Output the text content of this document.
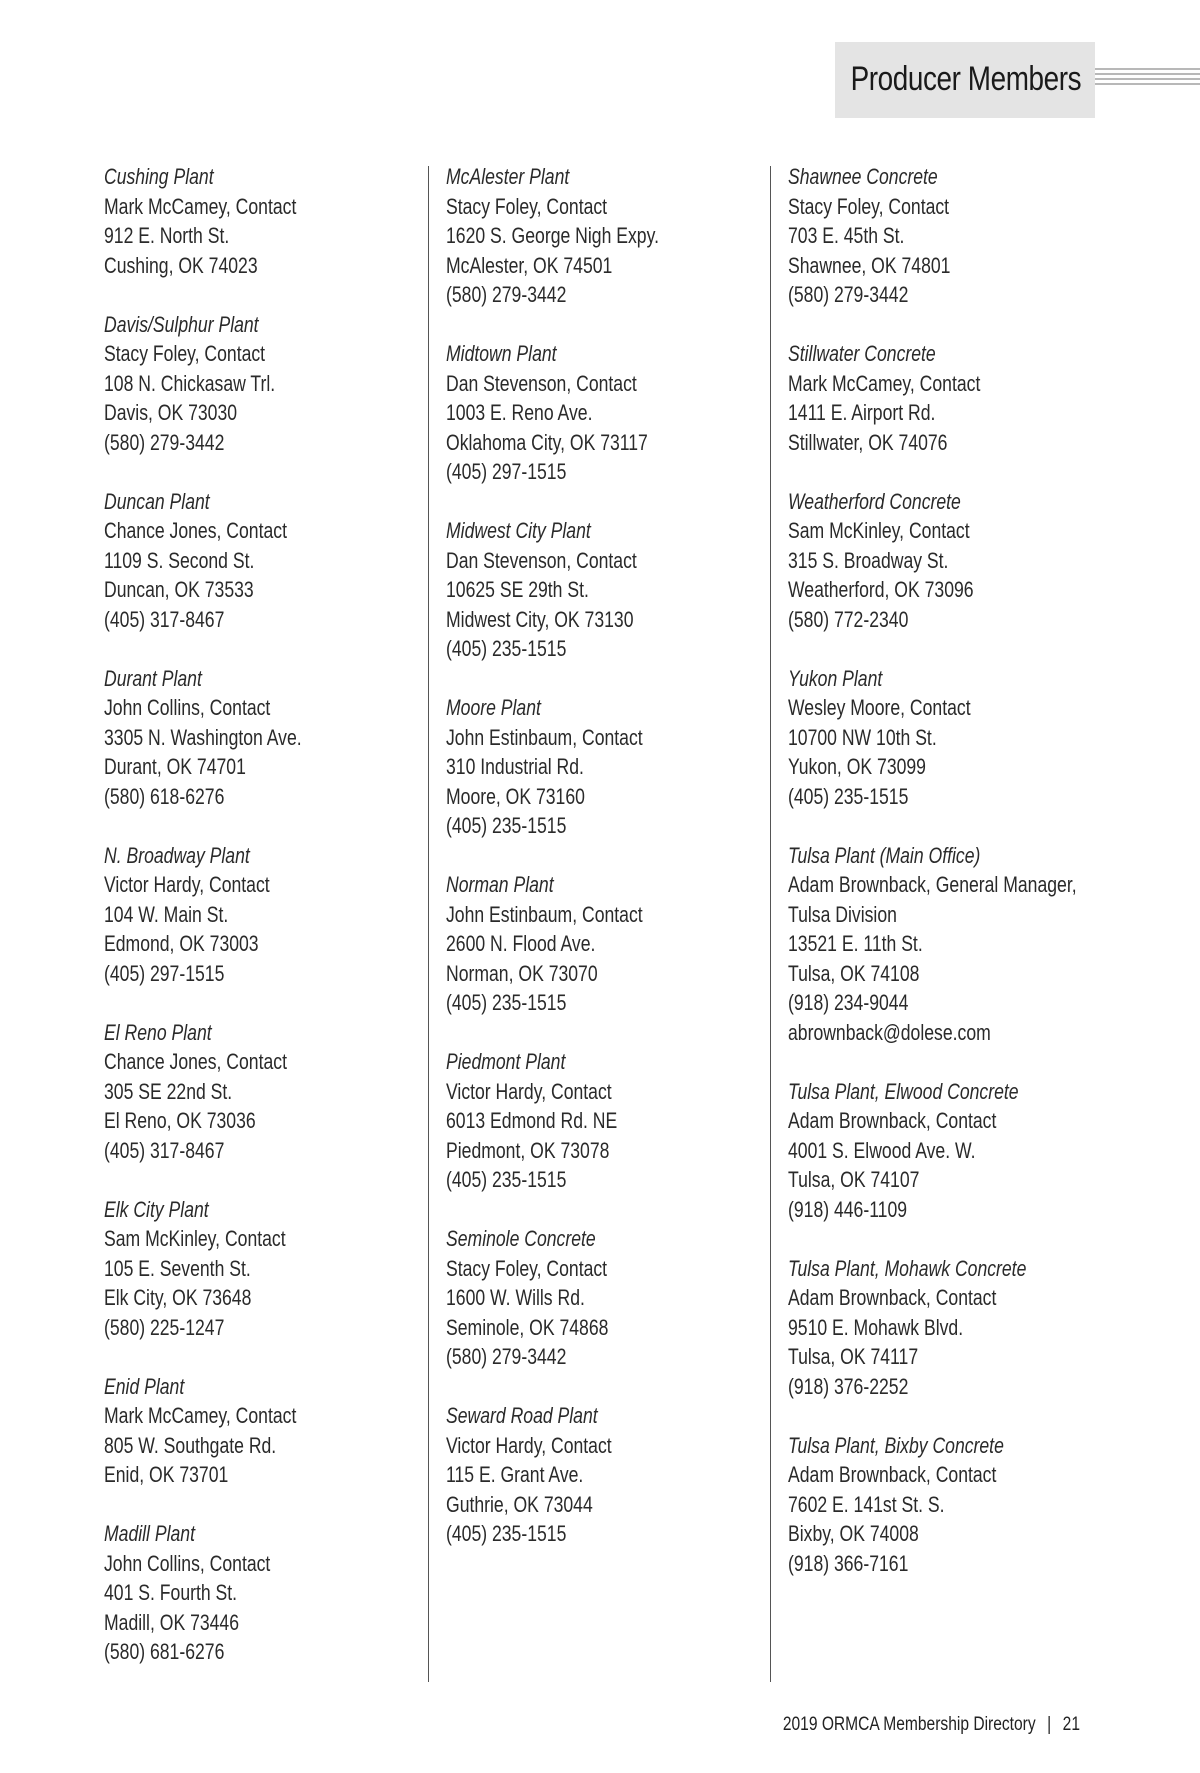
Producer Members
Cushing Plant
Mark McCamey, Contact
912 E. North St.
Cushing, OK 74023
Davis/Sulphur Plant
Stacy Foley, Contact
108 N. Chickasaw Trl.
Davis, OK 73030
(580) 279-3442
Duncan Plant
Chance Jones, Contact
1109 S. Second St.
Duncan, OK 73533
(405) 317-8467
Durant Plant
John Collins, Contact
3305 N. Washington Ave.
Durant, OK 74701
(580) 618-6276
N. Broadway Plant
Victor Hardy, Contact
104 W. Main St.
Edmond, OK 73003
(405) 297-1515
El Reno Plant
Chance Jones, Contact
305 SE 22nd St.
El Reno, OK 73036
(405) 317-8467
Elk City Plant
Sam McKinley, Contact
105 E. Seventh St.
Elk City, OK 73648
(580) 225-1247
Enid Plant
Mark McCamey, Contact
805 W. Southgate Rd.
Enid, OK 73701
Madill Plant
John Collins, Contact
401 S. Fourth St.
Madill, OK 73446
(580) 681-6276
McAlester Plant
Stacy Foley, Contact
1620 S. George Nigh Expy.
McAlester, OK 74501
(580) 279-3442
Midtown Plant
Dan Stevenson, Contact
1003 E. Reno Ave.
Oklahoma City, OK 73117
(405) 297-1515
Midwest City Plant
Dan Stevenson, Contact
10625 SE 29th St.
Midwest City, OK 73130
(405) 235-1515
Moore Plant
John Estinbaum, Contact
310 Industrial Rd.
Moore, OK 73160
(405) 235-1515
Norman Plant
John Estinbaum, Contact
2600 N. Flood Ave.
Norman, OK 73070
(405) 235-1515
Piedmont Plant
Victor Hardy, Contact
6013 Edmond Rd. NE
Piedmont, OK 73078
(405) 235-1515
Seminole Concrete
Stacy Foley, Contact
1600 W. Wills Rd.
Seminole, OK 74868
(580) 279-3442
Seward Road Plant
Victor Hardy, Contact
115 E. Grant Ave.
Guthrie, OK 73044
(405) 235-1515
Shawnee Concrete
Stacy Foley, Contact
703 E. 45th St.
Shawnee, OK 74801
(580) 279-3442
Stillwater Concrete
Mark McCamey, Contact
1411 E. Airport Rd.
Stillwater, OK 74076
Weatherford Concrete
Sam McKinley, Contact
315 S. Broadway St.
Weatherford, OK 73096
(580) 772-2340
Yukon Plant
Wesley Moore, Contact
10700 NW 10th St.
Yukon, OK 73099
(405) 235-1515
Tulsa Plant (Main Office)
Adam Brownback, General Manager,
Tulsa Division
13521 E. 11th St.
Tulsa, OK 74108
(918) 234-9044
abrownback@dolese.com
Tulsa Plant, Elwood Concrete
Adam Brownback, Contact
4001 S. Elwood Ave. W.
Tulsa, OK 74107
(918) 446-1109
Tulsa Plant, Mohawk Concrete
Adam Brownback, Contact
9510 E. Mohawk Blvd.
Tulsa, OK 74117
(918) 376-2252
Tulsa Plant, Bixby Concrete
Adam Brownback, Contact
7602 E. 141st St. S.
Bixby, OK 74008
(918) 366-7161
2019 ORMCA Membership Directory | 21
